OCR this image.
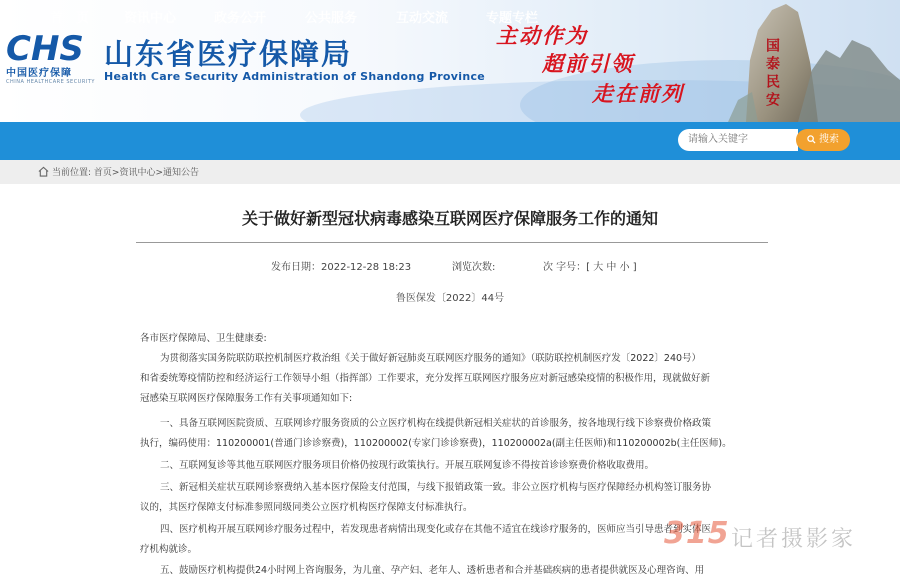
CHS
中国医疗保障
CHINA HEALTHCARE SECURITY
山东省医疗保障局
Health Care Security Administration of Shandong Province
主动作为
超前引领
走在前列	国泰民安
首　页	资讯中心	政务公开	公共服务	互动交流	专题专栏
请输入关键字
搜索
当前位置: 首页>资讯中心>通知公告
关于做好新型冠状病毒感染互联网医疗保障服务工作的通知
发布日期：2022-12-28 18:23	浏览次数:	次 字号：[ 大 中 小 ]
鲁医保发〔2022〕44号
各市医疗保障局、卫生健康委:
为贯彻落实国务院联防联控机制医疗救治组《关于做好新冠肺炎互联网医疗服务的通知》（联防联控机制医疗发〔2022〕240号）
和省委统筹疫情防控和经济运行工作领导小组（指挥部）工作要求，充分发挥互联网医疗服务应对新冠感染疫情的积极作用，现就做好新
冠感染互联网医疗保障服务工作有关事项通知如下:
一、具备互联网医院资质、互联网诊疗服务资质的公立医疗机构在线提供新冠相关症状的首诊服务，按各地现行线下诊察费价格政策
执行，编码使用：110200001(普通门诊诊察费)，110200002(专家门诊诊察费)，110200002a(副主任医师)和110200002b(主任医师)。
二、互联网复诊等其他互联网医疗服务项目价格仍按现行政策执行。开展互联网复诊不得按首诊诊察费价格收取费用。
三、新冠相关症状互联网诊察费纳入基本医疗保险支付范围，与线下报销政策一致。非公立医疗机构与医疗保障经办机构签订服务协
议的，其医疗保障支付标准参照同级同类公立医疗机构医疗保障支付标准执行。
四、医疗机构开展互联网诊疗服务过程中，若发现患者病情出现变化或存在其他不适宜在线诊疗服务的，医师应当引导患者到实体医
疗机构就诊。
五、鼓励医疗机构提供24小时网上咨询服务，为儿童、孕产妇、老年人、透析患者和合并基础疾病的患者提供就医及心理咨询、用
315 记者摄影家
